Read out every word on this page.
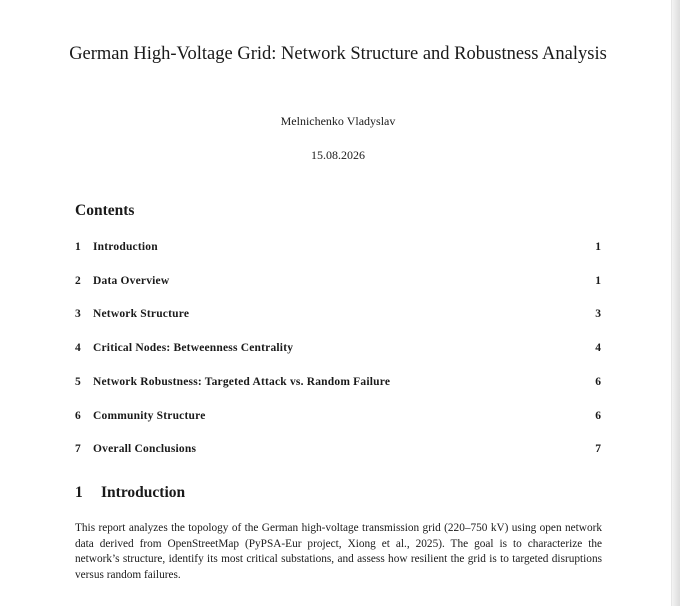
German High-Voltage Grid: Network Structure and Robustness Analysis
Melnichenko Vladyslav
15.08.2026
Contents
1	Introduction	1
2	Data Overview	1
3	Network Structure	3
4	Critical Nodes: Betweenness Centrality	4
5	Network Robustness: Targeted Attack vs. Random Failure	6
6	Community Structure	6
7	Overall Conclusions	7
1	Introduction
This report analyzes the topology of the German high-voltage transmission grid (220–750 kV) using open network data derived from OpenStreetMap (PyPSA-Eur project, Xiong et al., 2025). The goal is to characterize the network’s structure, identify its most critical substations, and assess how resilient the grid is to targeted disruptions versus random failures.
